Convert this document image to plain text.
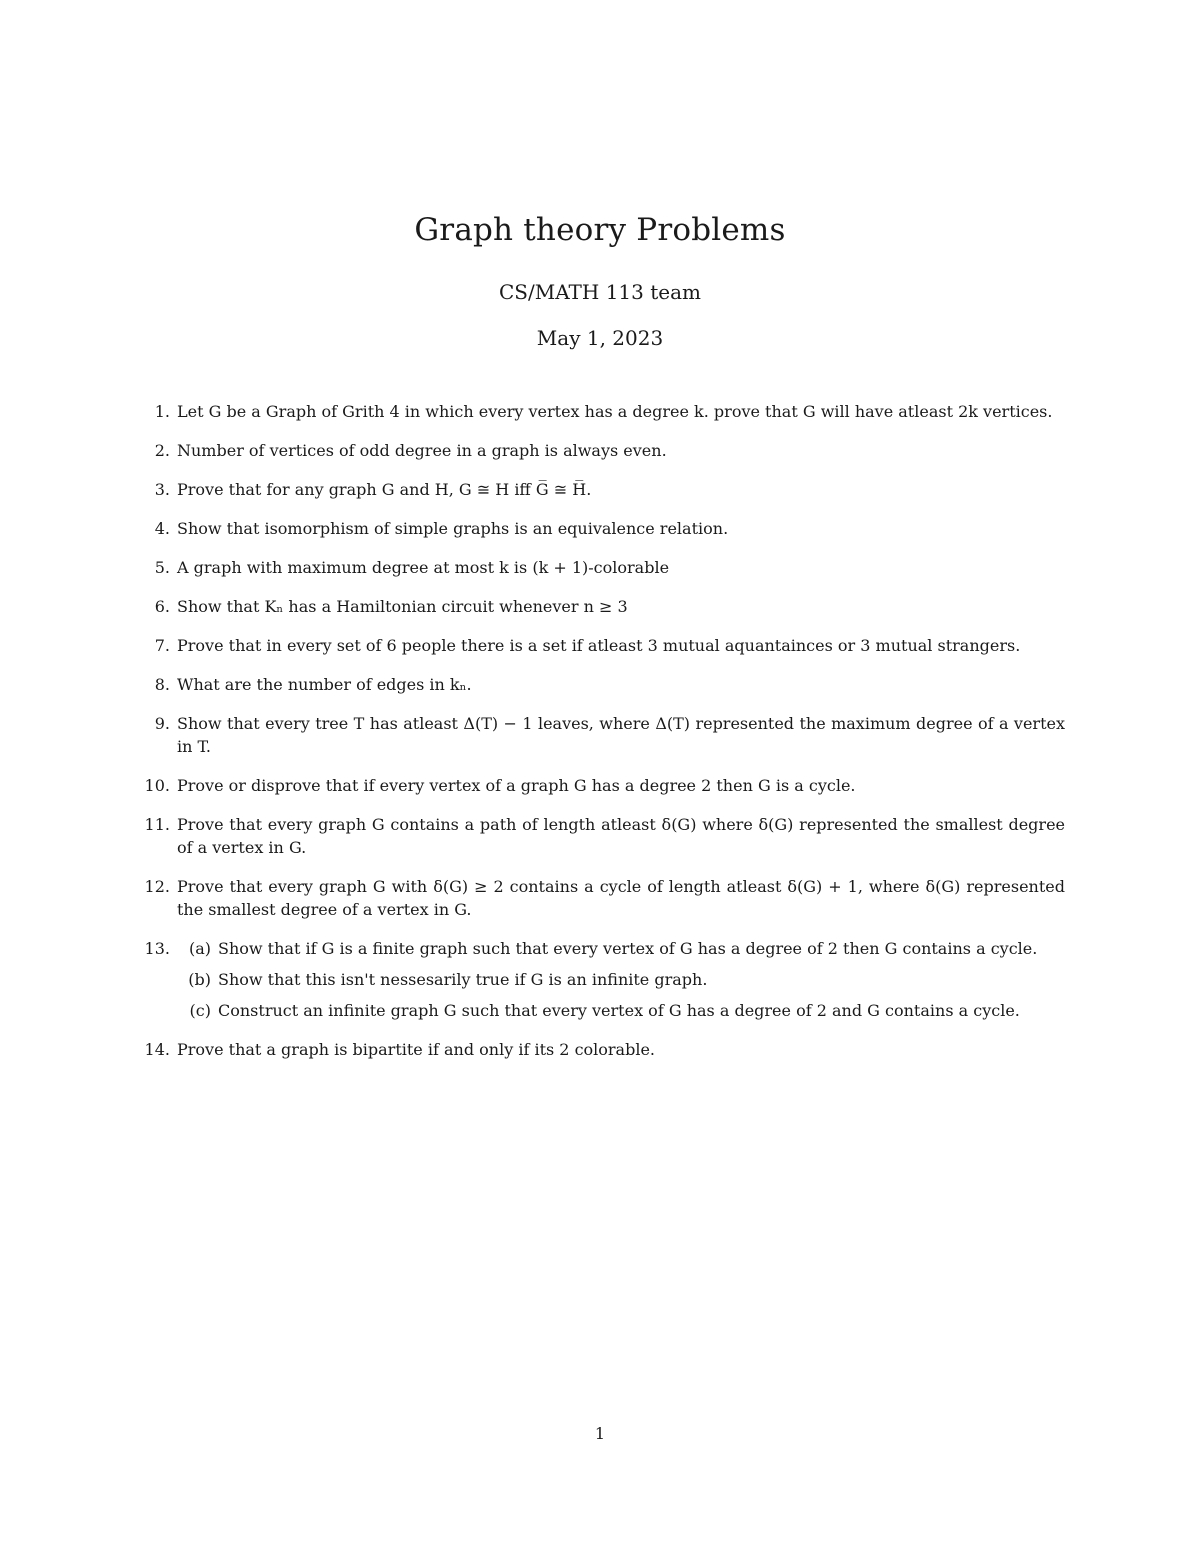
Graph theory Problems
CS/MATH 113 team
May 1, 2023
1. Let G be a Graph of Grith 4 in which every vertex has a degree k. prove that G will have atleast 2k vertices.
2. Number of vertices of odd degree in a graph is always even.
3. Prove that for any graph G and H, G ≅ H iff G̅ ≅ H̅.
4. Show that isomorphism of simple graphs is an equivalence relation.
5. A graph with maximum degree at most k is (k + 1)-colorable
6. Show that Kₙ has a Hamiltonian circuit whenever n ≥ 3
7. Prove that in every set of 6 people there is a set if atleast 3 mutual aquantainces or 3 mutual strangers.
8. What are the number of edges in kₙ.
9. Show that every tree T has atleast Δ(T) − 1 leaves, where Δ(T) represented the maximum degree of a vertex in T.
10. Prove or disprove that if every vertex of a graph G has a degree 2 then G is a cycle.
11. Prove that every graph G contains a path of length atleast δ(G) where δ(G) represented the smallest degree of a vertex in G.
12. Prove that every graph G with δ(G) ≥ 2 contains a cycle of length atleast δ(G) + 1, where δ(G) represented the smallest degree of a vertex in G.
13.	(a) Show that if G is a finite graph such that every vertex of G has a degree of 2 then G contains a cycle.
(b) Show that this isn't nessesarily true if G is an infinite graph.
(c) Construct an infinite graph G such that every vertex of G has a degree of 2 and G contains a cycle.
14. Prove that a graph is bipartite if and only if its 2 colorable.
1
